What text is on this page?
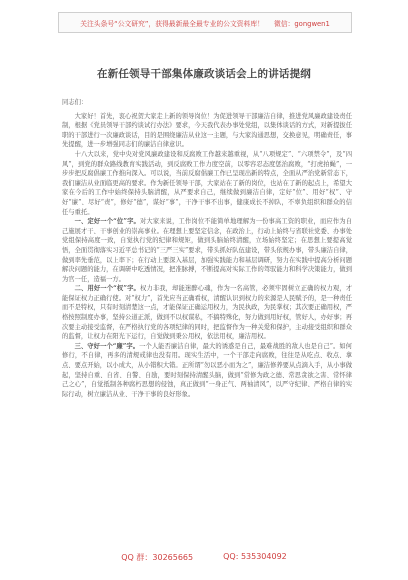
关注头条号“公文研究”，获得最新最全最专业的公文资料库！ 微信：gongwen1
在新任领导干部集体廉政谈话会上的讲话提纲

同志们：

大家好！首先，衷心祝贺大家走上新的领导岗位！为促进领导干部廉洁自律，推进党风廉政建设责任制，根据《党员领导干部约谈试行办法》要求，今天我代表办事处党组，以集体谈话的方式，对新提拔任职的干部进行一次廉政谈话，目的是围绕廉洁从业这一主题，与大家沟通思想，交换意见，明确责任，事先提醒，进一步增强同志们的廉洁自律意识。

十八大以来，党中央对党风廉政建设和反腐败工作越来越重视，从“八项规定”、“六项禁令”，及“四风”，到党的群众路线教育实践活动，到反腐败工作力度空前，以零容忍态度惩治腐败，“打虎拍蝇”，一步步把反腐倡廉工作推向深入。可以说，当前反腐倡廉工作已呈现出新的特点，全面从严治党新常态下，我们廉洁从业面临更高的要求。作为新任领导干部，大家站在了新的岗位，也站在了新的起点上，希望大家在今后的工作中始终保持头脑清醒，从严要求自己，继续做到廉洁自律，定好“位”、用好“权”、守好“廉”、尽好“责”，修好“德”，谋好“事”，干净干事不出事，健康成长不掉队，不辜负组织和群众的信任与重托。

一、定好一个“位”字。对大家来说，工作岗位不能简单地理解为一份事高工资的职业，而应作为自己施展才干、干事创业的崇高事业。在理想上要坚定信念，在政治上，行动上始终与省联社党委、办事处党组保持高度一致，自觉执行党的纪律和规矩，做到头脑始终清醒，立场始终坚定；在思想上要提高觉悟，全面贯彻落实习近平总书记的“三严三实”要求，带头抓好队伍建设，带头依规办事，带头廉洁自律，做到率先垂范，以上率下；在行动上要深入基层，加强实践能力和基层调研，努力在实践中提高分析问题解决问题的能力，在调研中吃透情况，把准脉搏，不断提高对实际工作的驾驭能力和科学决策能力，做到为官一任，造福一方。

二、用好一个“权”字。权力非我，却能迷醉心魂，作为一名高管，必须牢固树立正确的权力观，才能保证权力正确行使。对“权力”，首先应当正确看权，清醒认识到权力的来源是人民赋予的，是一种责任而不是特权，只有时刻清楚这一点，才能保证正确运用权力，为民执政，为民掌权；其次要正确用权，严格按照制度办事，坚持公道正派，做到不以权谋私，不搞特殊化，努力做到用好权，管好人，办好事；再次要主动接受监督，在严格执行党的各项纪律的同时，把监督作为一种关爱和保护，主动接受组织和群众的监督，让权力在阳光下运行，自觉做到秉公用权，依法用权，廉洁用权。

三、守好一个“廉”字。一个人能否廉洁自律，最大的诱惑是自己，最难战胜的敌人也是自己”。如何修行，不自律，再多的清规戒律也没有用。现实生活中，一个干部走向腐败，往往是从吃点、收点、拿点、要点开始，以小成大，从小错积大错。正所谓“勿以恶小而为之”，廉洁修养要从点滴入手，从小事做起，坚持自重、自省、自警、自励，要时刻保持清醒头脑，做到“常修为政之德、常思贪欲之害、常怀律己之心”，自觉抵制各种腐朽思想的侵蚀，真正做到“一身正气、两袖清风”，以严守纪律、严格自律的实际行动，树立廉洁从业、干净干事的良好形象。

QQ 群：30265665	QQ: 535304092
